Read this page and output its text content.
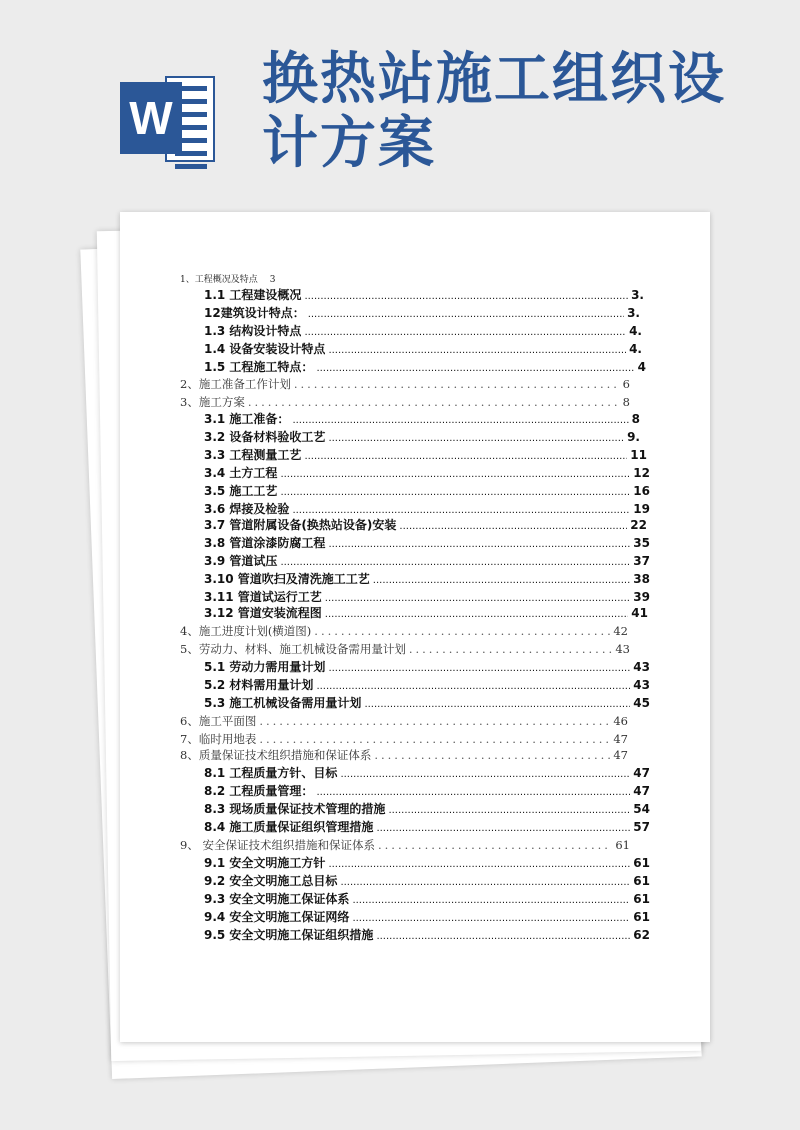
W
换热站施工组织设计方案
1、工程概况及特点 3
1.1 工程建设概况 .....	3.
12建筑设计特点： .....	3.
1.3 结构设计特点 .....	4.
1.4 设备安装设计特点 .....	4.
1.5 工程施工特点： .....	4
2、施工准备工作计划 .....	6
3、施工方案 .....	8
3.1 施工准备： .....	8
3.2 设备材料验收工艺 .....	9.
3.3 工程测量工艺 .....	11
3.4 土方工程 .....	12
3.5 施工工艺 .....	16
3.6 焊接及检验 .....	19
3.7 管道附属设备(换热站设备)安装 .....	22
3.8 管道涂漆防腐工程 .....	35
3.9 管道试压 .....	37
3.10 管道吹扫及清洗施工工艺 .....	38
3.11 管道试运行工艺 .....	39
3.12 管道安装流程图 .....	41
4、施工进度计划(横道图) .....	42
5、劳动力、材料、施工机械设备需用量计划 .....	43
5.1 劳动力需用量计划 .....	43
5.2 材料需用量计划 .....	43
5.3 施工机械设备需用量计划 .....	45
6、施工平面图 .....	46
7、临时用地表 .....	47
8、质量保证技术组织措施和保证体系 .....	47
8.1 工程质量方针、目标 .....	47
8.2 工程质量管理： .....	47
8.3 现场质量保证技术管理的措施 .....	54
8.4 施工质量保证组织管理措施 .....	57
9、 安全保证技术组织措施和保证体系 .....	61
9.1 安全文明施工方针 .....	61
9.2 安全文明施工总目标 .....	61
9.3 安全文明施工保证体系 .....	61
9.4 安全文明施工保证网络 .....	61
9.5 安全文明施工保证组织措施 .....	62
